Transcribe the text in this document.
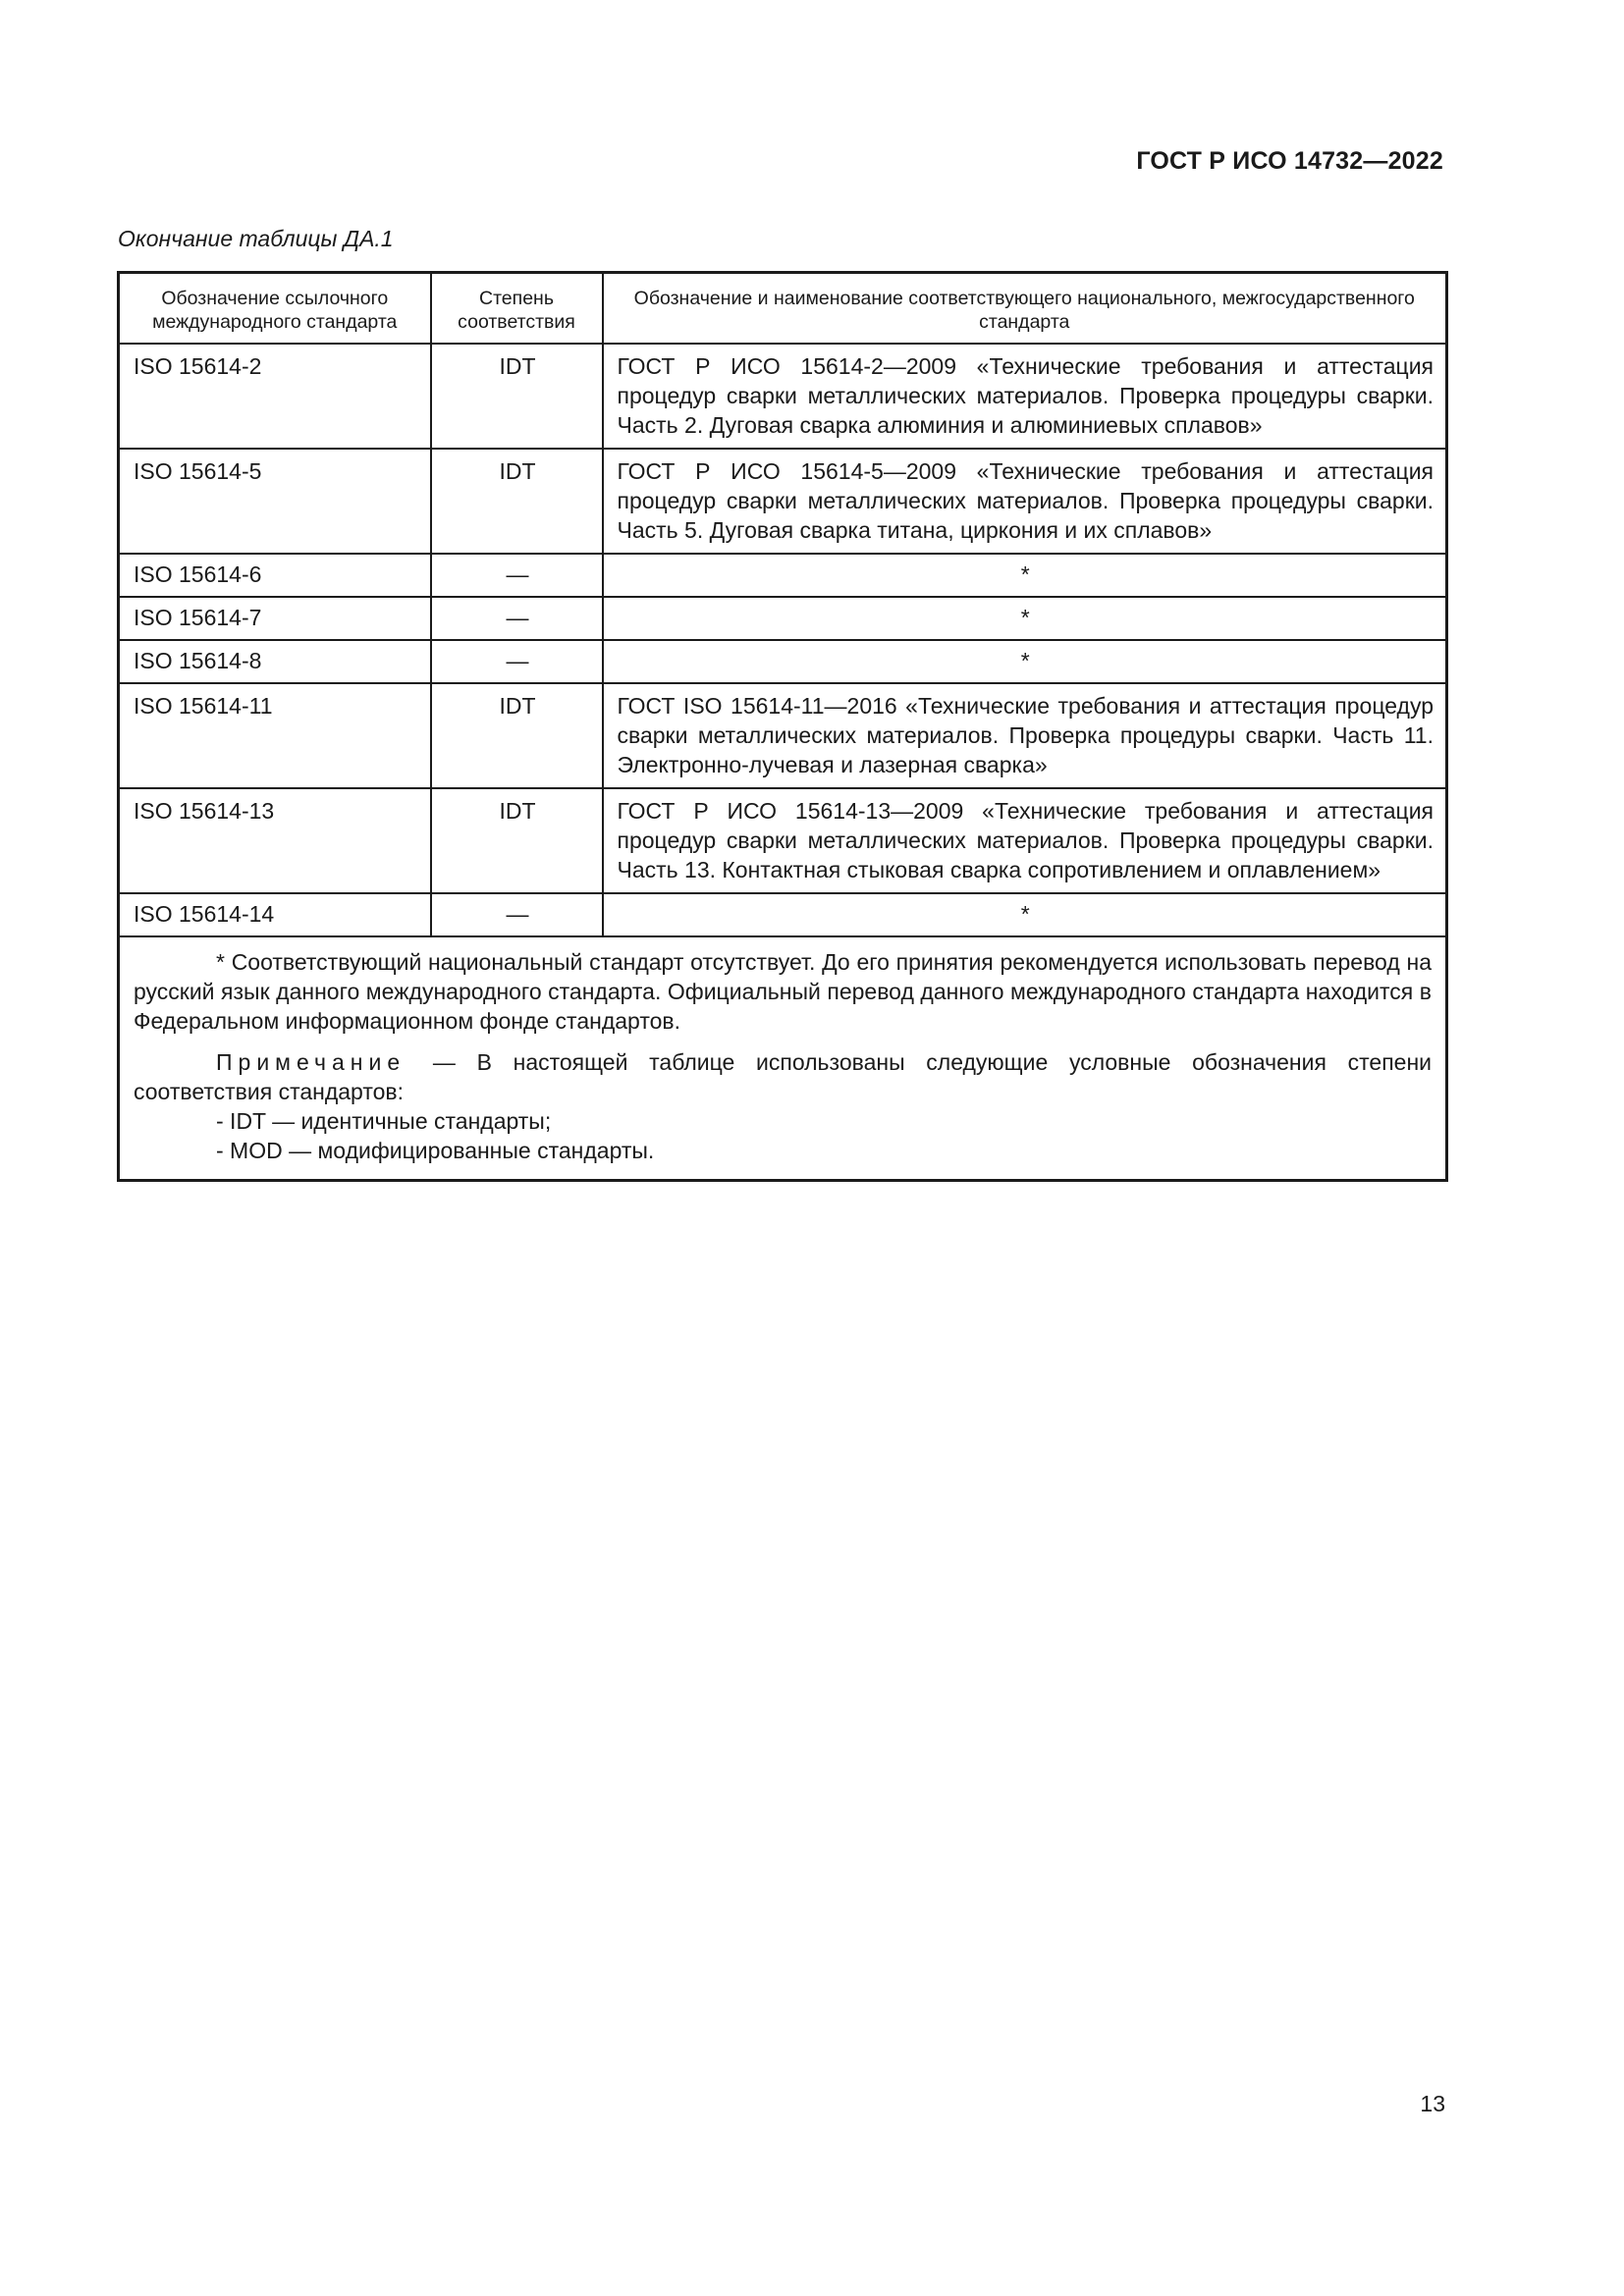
ГОСТ Р ИСО 14732—2022
Окончание таблицы ДА.1
Обозначение ссылочного международного стандарта	Степень соответствия	Обозначение и наименование соответствующего национального, межгосударственного стандарта
ISO 15614-2	IDT	ГОСТ Р ИСО 15614-2—2009 «Технические требования и аттестация процедур сварки металлических материалов. Проверка процедуры сварки. Часть 2. Дуговая сварка алюминия и алюминиевых сплавов»
ISO 15614-5	IDT	ГОСТ Р ИСО 15614-5—2009 «Технические требования и аттестация процедур сварки металлических материалов. Проверка процедуры сварки. Часть 5. Дуговая сварка титана, циркония и их сплавов»
ISO 15614-6	—	*
ISO 15614-7	—	*
ISO 15614-8	—	*
ISO 15614-11	IDT	ГОСТ ISO 15614-11—2016 «Технические требования и аттестация процедур сварки металлических материалов. Проверка процедуры сварки. Часть 11. Электронно-лучевая и лазерная сварка»
ISO 15614-13	IDT	ГОСТ Р ИСО 15614-13—2009 «Технические требования и аттестация процедур сварки металлических материалов. Проверка процедуры сварки. Часть 13. Контактная стыковая сварка сопротивлением и оплавлением»
ISO 15614-14	—	*

* Соответствующий национальный стандарт отсутствует. До его принятия рекомендуется использовать перевод на русский язык данного международного стандарта. Официальный перевод данного международного стандарта находится в Федеральном информационном фонде стандартов.

Примечание — В настоящей таблице использованы следующие условные обозначения степени соответствия стандартов:

- IDT — идентичные стандарты;

- MOD — модифицированные стандарты.		

13
